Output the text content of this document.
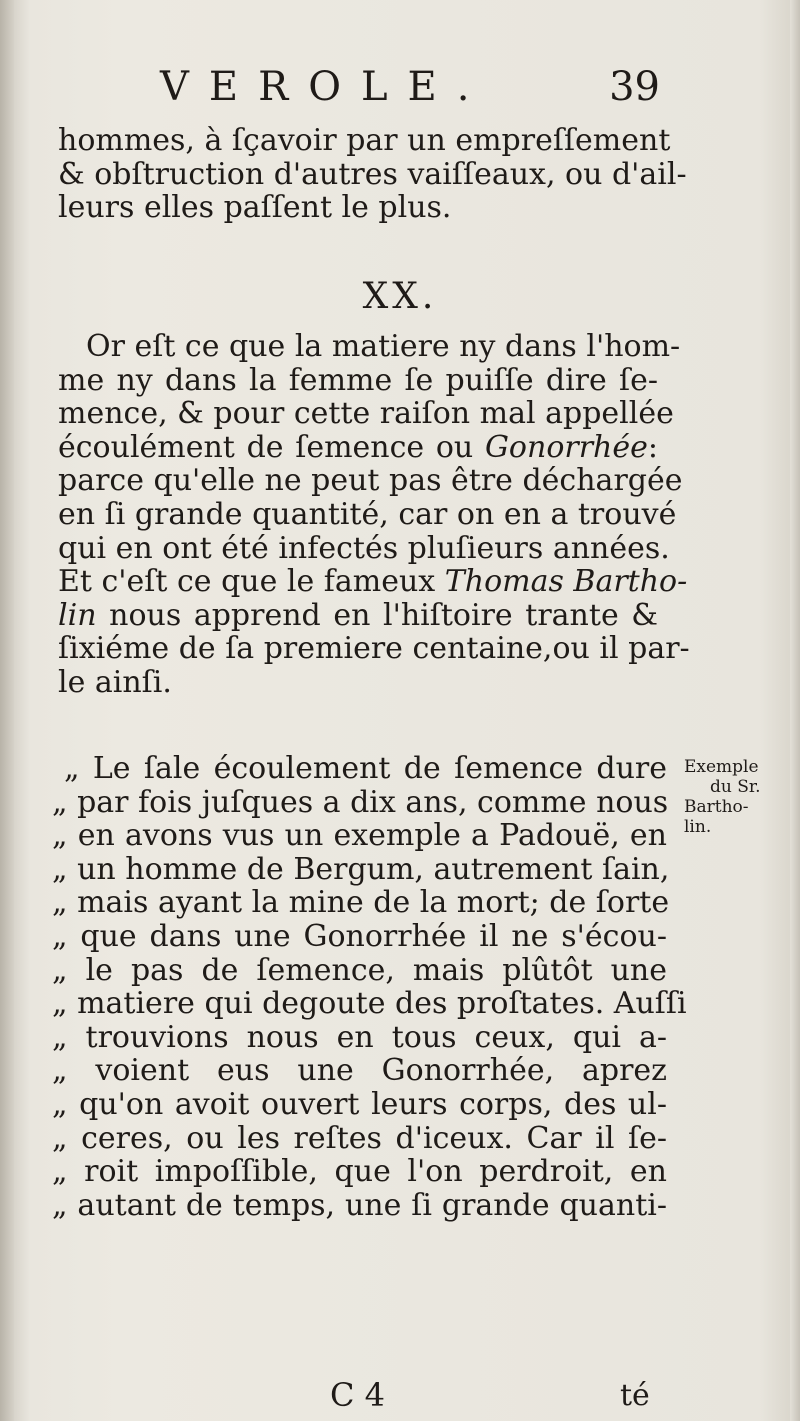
VEROLE.	39
hommes, à ſçavoir par un empreſſement
& obſtruction d'autres vaiſſeaux, ou d'ail-
leurs elles paſſent le plus.
XX.
Or eſt ce que la matiere ny dans l'hom-
me ny dans la femme ſe puiſſe dire ſe-
mence, & pour cette raiſon mal appellée
écoulément de ſemence ou Gonorrhée:
parce qu'elle ne peut pas être déchargée
en ſi grande quantité, car on en a trouvé
qui en ont été infectés pluſieurs années.
Et c'eſt ce que le fameux Thomas Bartho-
lin nous apprend en l'hiſtoire trante &
ſixiéme de ſa premiere centaine,ou il par-
le ainſi.
„ Le ſale écoulement de ſemence dure
„ par fois juſques a dix ans, comme nous
„ en avons vus un exemple a Padouë, en
„ un homme de Bergum, autrement ſain,
„ mais ayant la mine de la mort; de ſorte
„ que dans une Gonorrhée il ne s'écou-
„ le pas de ſemence, mais plûtôt une
„ matiere qui degoute des proſtates. Auſſi
„ trouvions nous en tous ceux, qui a-
„ voient eus une Gonorrhée, aprez
„ qu'on avoit ouvert leurs corps, des ul-
„ ceres, ou les reſtes d'iceux. Car il ſe-
„ roit impoſſible, que l'on perdroit, en
„ autant de temps, une ſi grande quanti-
Exemple
du Sr.
Bartho-
lin.
C 4	té
